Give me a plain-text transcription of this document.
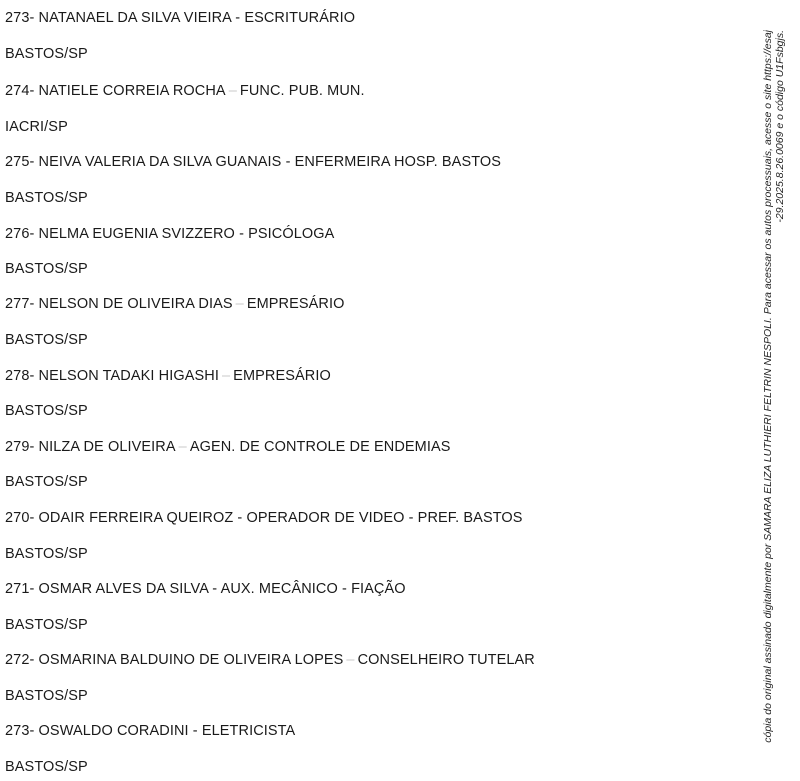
273- NATANAEL DA SILVA VIEIRA - ESCRITURÁRIO
BASTOS/SP
274- NATIELE CORREIA ROCHA – FUNC. PUB. MUN.
IACRI/SP
275- NEIVA VALERIA DA SILVA GUANAIS - ENFERMEIRA HOSP. BASTOS
BASTOS/SP
276- NELMA EUGENIA SVIZZERO - PSICÓLOGA
BASTOS/SP
277- NELSON DE OLIVEIRA DIAS – EMPRESÁRIO
BASTOS/SP
278- NELSON TADAKI HIGASHI – EMPRESÁRIO
BASTOS/SP
279- NILZA DE OLIVEIRA – AGEN. DE CONTROLE DE ENDEMIAS
BASTOS/SP
270- ODAIR FERREIRA QUEIROZ - OPERADOR DE VIDEO - PREF. BASTOS
BASTOS/SP
271- OSMAR ALVES DA SILVA - AUX. MECÂNICO - FIAÇÃO
BASTOS/SP
272- OSMARINA BALDUINO DE OLIVEIRA LOPES – CONSELHEIRO TUTELAR
BASTOS/SP
273- OSWALDO CORADINI - ELETRICISTA
BASTOS/SP
cópia do original assinado digitalmente por SAMARA ELIZA LUTHIERI FELTRIN NESPOLI. Para acessar os autos processuais, acesse o site https://esaj -29.2025.8.26.0069 e o código U1Fsbgjs.
